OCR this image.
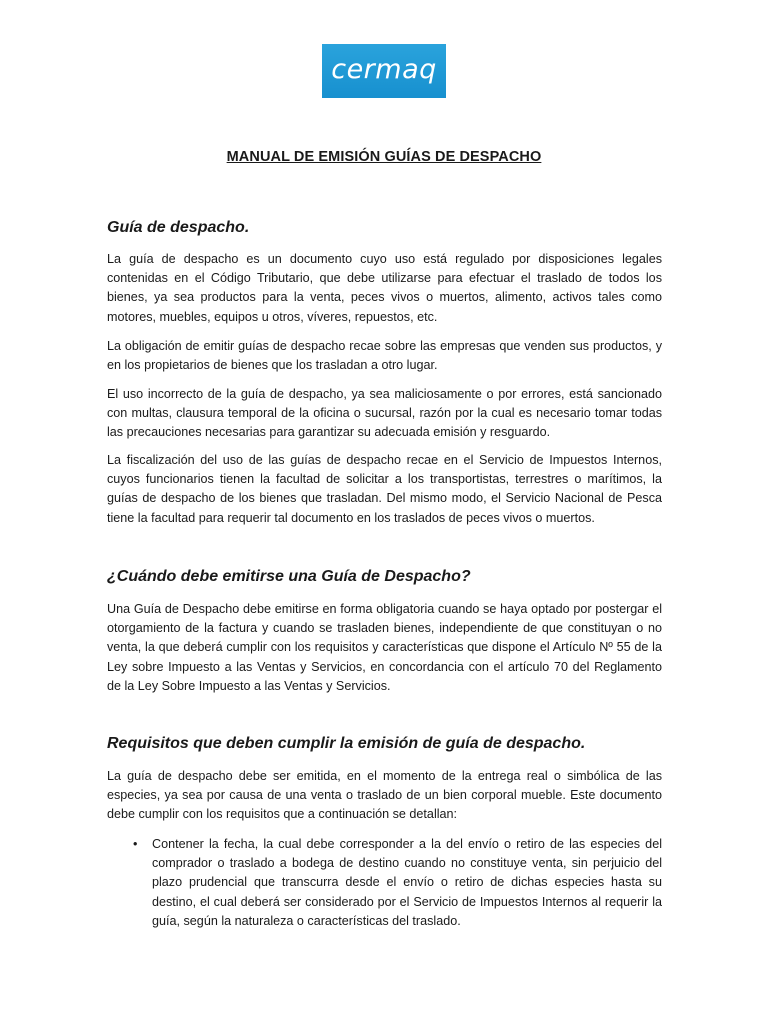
cermaq
MANUAL DE EMISIÓN GUÍAS DE DESPACHO
Guía de despacho.

La guía de despacho es un documento cuyo uso está regulado por disposiciones legales contenidas en el Código Tributario, que debe utilizarse para efectuar el traslado de todos los bienes, ya sea productos para la venta, peces vivos o muertos, alimento, activos tales como motores, muebles, equipos u otros, víveres, repuestos, etc.

La obligación de emitir guías de despacho recae sobre las empresas que venden sus productos, y en los propietarios de bienes que los trasladan a otro lugar.

El uso incorrecto de la guía de despacho, ya sea maliciosamente o por errores, está sancionado con multas, clausura temporal de la oficina o sucursal, razón por la cual es necesario tomar todas las precauciones necesarias para garantizar su adecuada emisión y resguardo.

La fiscalización del uso de las guías de despacho recae en el Servicio de Impuestos Internos, cuyos funcionarios tienen la facultad de solicitar a los transportistas, terrestres o marítimos, la guías de despacho de los bienes que trasladan. Del mismo modo, el Servicio Nacional de Pesca tiene la facultad para requerir tal documento en los traslados de peces vivos o muertos.

¿Cuándo debe emitirse una Guía de Despacho?

Una Guía de Despacho debe emitirse en forma obligatoria cuando se haya optado por postergar el otorgamiento de la factura y cuando se trasladen bienes, independiente de que constituyan o no venta, la que deberá cumplir con los requisitos y características que dispone el Artículo Nº 55 de la Ley sobre Impuesto a las Ventas y Servicios, en concordancia con el artículo 70 del Reglamento de la Ley Sobre Impuesto a las Ventas y Servicios.

Requisitos que deben cumplir la emisión de guía de despacho.

La guía de despacho debe ser emitida, en el momento de la entrega real o simbólica de las especies, ya sea por causa de una venta o traslado de un bien corporal mueble. Este documento debe cumplir con los requisitos que a continuación se detallan:

• Contener la fecha, la cual debe corresponder a la del envío o retiro de las especies del comprador o traslado a bodega de destino cuando no constituye venta, sin perjuicio del plazo prudencial que transcurra desde el envío o retiro de dichas especies hasta su destino, el cual deberá ser considerado por el Servicio de Impuestos Internos al requerir la guía, según la naturaleza o características del traslado.
